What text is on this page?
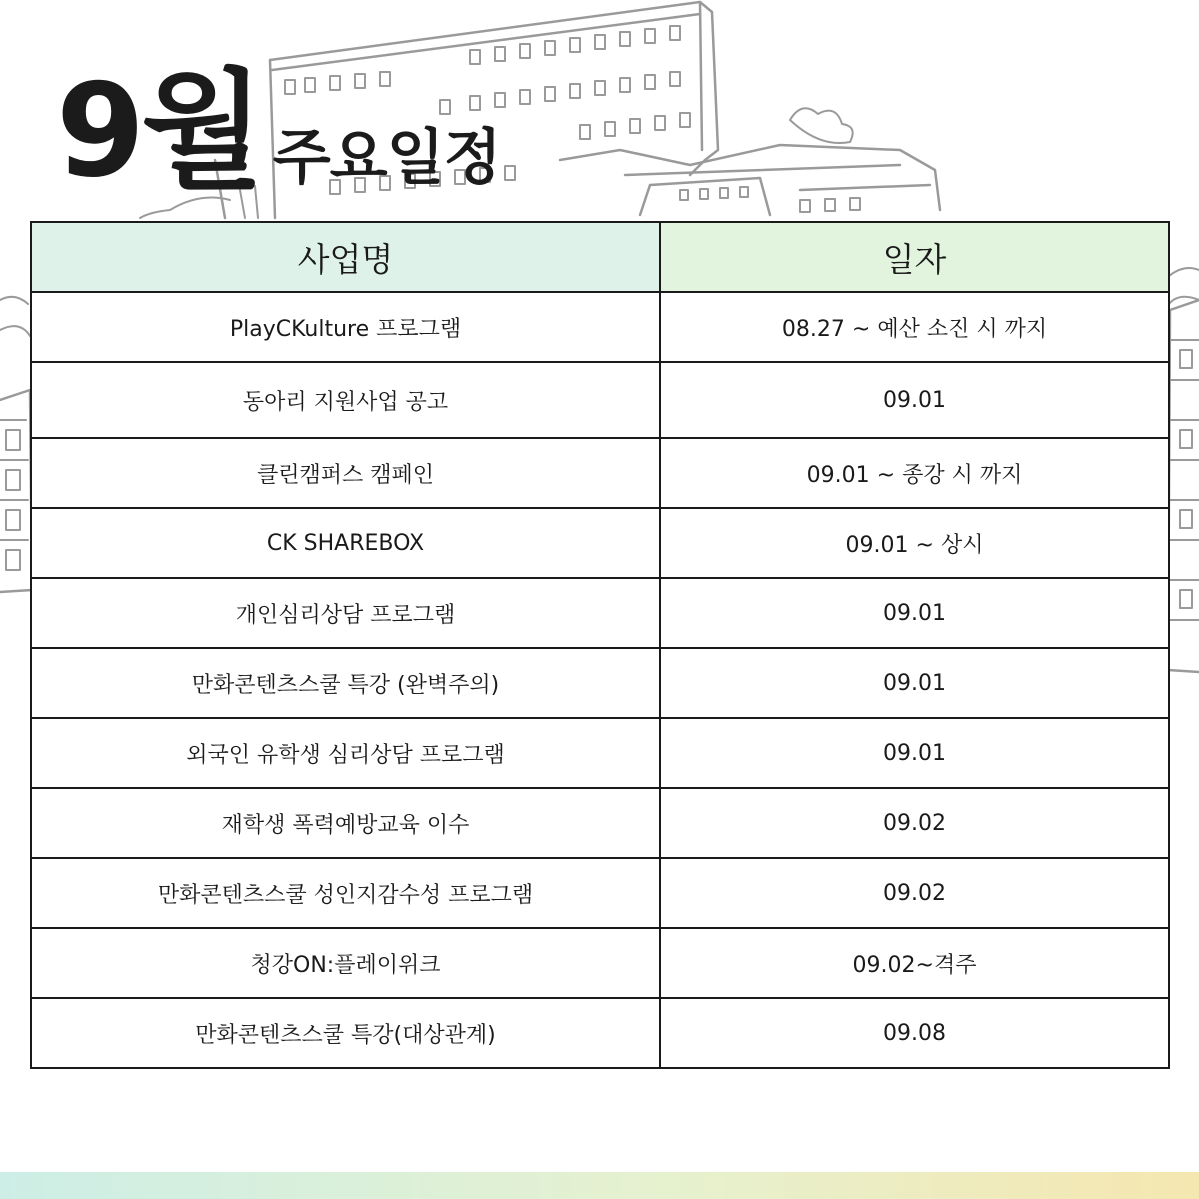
9월 주요일정
사업명	일자
PlayCKulture 프로그램	08.27 ~ 예산 소진 시 까지
동아리 지원사업 공고	09.01
클린캠퍼스 캠페인	09.01 ~ 종강 시 까지
CK SHAREBOX	09.01 ~ 상시
개인심리상담 프로그램	09.01
만화콘텐츠스쿨 특강 (완벽주의)	09.01
외국인 유학생 심리상담 프로그램	09.01
재학생 폭력예방교육 이수	09.02
만화콘텐츠스쿨 성인지감수성 프로그램	09.02
청강ON:플레이위크	09.02~격주
만화콘텐츠스쿨 특강(대상관계)	09.08
